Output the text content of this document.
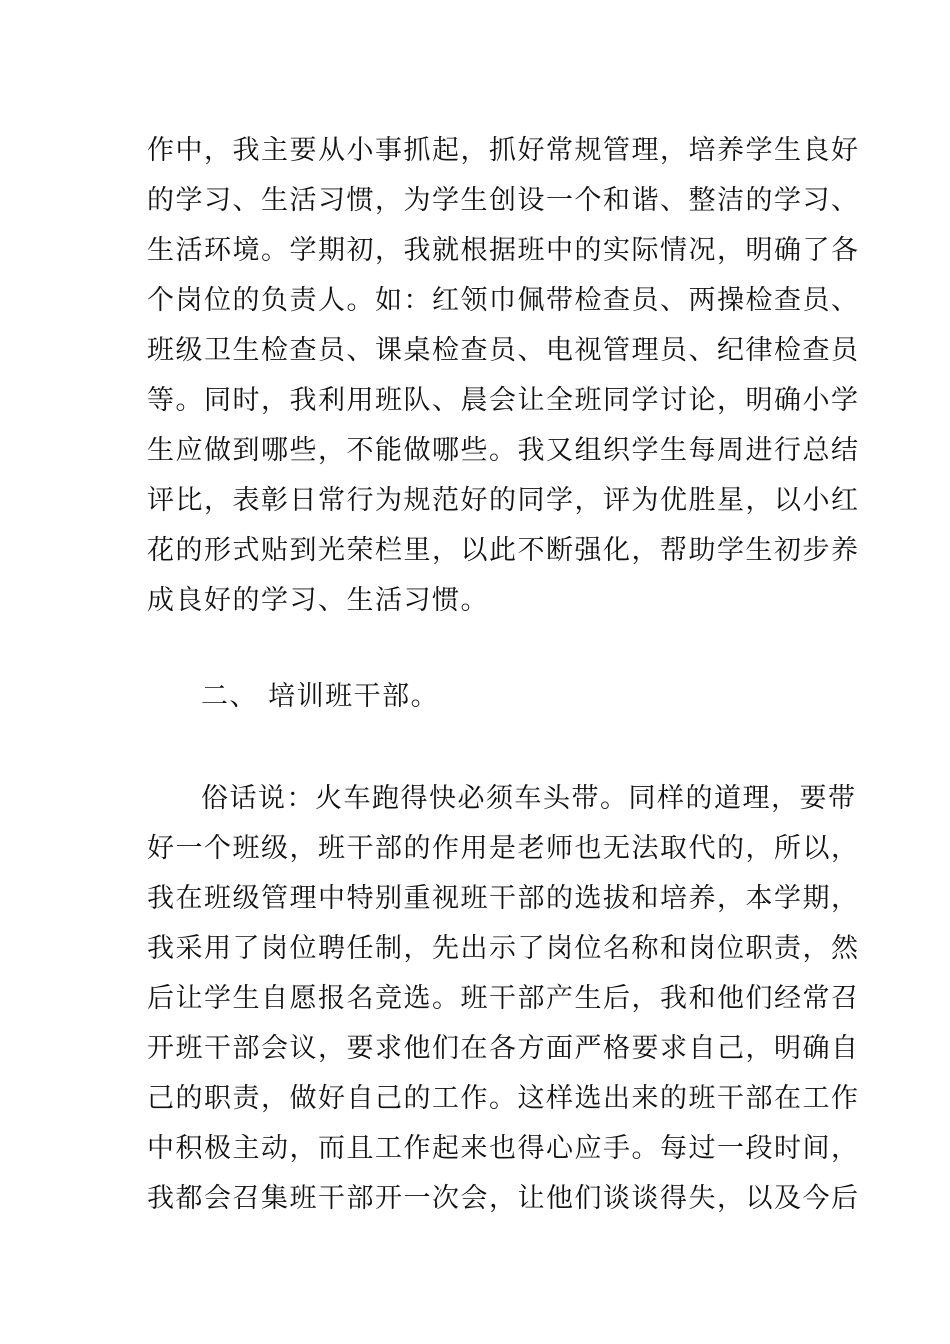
作中，我主要从小事抓起，抓好常规管理，培养学生良好
的学习、生活习惯，为学生创设一个和谐、整洁的学习、
生活环境。学期初，我就根据班中的实际情况，明确了各
个岗位的负责人。如：红领巾佩带检查员、两操检查员、
班级卫生检查员、课桌检查员、电视管理员、纪律检查员
等。同时，我利用班队、晨会让全班同学讨论，明确小学
生应做到哪些，不能做哪些。我又组织学生每周进行总结
评比，表彰日常行为规范好的同学，评为优胜星，以小红
花的形式贴到光荣栏里，以此不断强化，帮助学生初步养
成良好的学习、生活习惯。
二、 培训班干部。
俗话说：火车跑得快必须车头带。同样的道理，要带
好一个班级，班干部的作用是老师也无法取代的，所以，
我在班级管理中特别重视班干部的选拔和培养，本学期，
我采用了岗位聘任制，先出示了岗位名称和岗位职责，然
后让学生自愿报名竞选。班干部产生后，我和他们经常召
开班干部会议，要求他们在各方面严格要求自己，明确自
己的职责，做好自己的工作。这样选出来的班干部在工作
中积极主动，而且工作起来也得心应手。每过一段时间，
我都会召集班干部开一次会，让他们谈谈得失，以及今后
